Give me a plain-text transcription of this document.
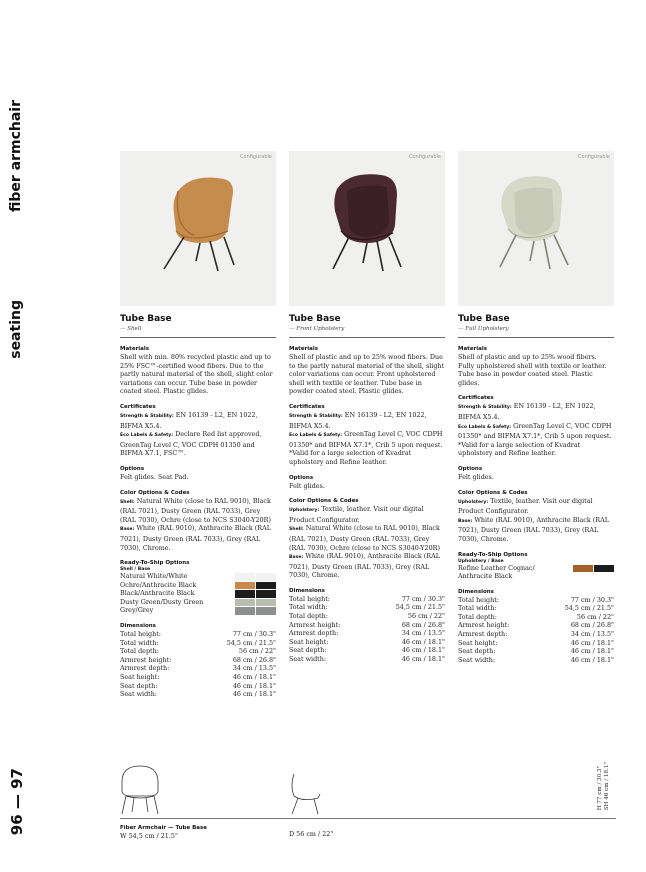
fiber armchair
seating
96 — 97
Configurable
Tube Base
— Shell
Materials
Shell with min. 80% recycled plastic and up to 25% FSC™-certified wood fibers. Due to the partly natural material of the shell, slight color variations can occur. Tube base in powder coated steel. Plastic glides.
Certificates
Strength & Stability: EN 16139 - L2, EN 1022, BIFMA X5.4.
Eco Labels & Safety: Declare Red list approved, GreenTag Level C, VOC CDPH 01350 and BIFMA X7.1, FSC™.
Options
Felt glides. Seat Pad.
Color Options & Codes
Shell: Natural White (close to RAL 9010), Black (RAL 7021), Dusty Green (RAL 7033), Grey (RAL 7030), Ochre (close to NCS S3040-Y20R)
Base: White (RAL 9010), Anthracite Black (RAL 7021), Dusty Green (RAL 7033), Grey (RAL 7030), Chrome.
Ready-To-Ship Options
Shell / Base
Natural White/White
Ochre/Anthracite Black
Black/Anthracite Black
Dusty Green/Dusty Green
Grey/Grey
Dimensions
Total height:	77 cm / 30.3"
Total width:	54,5 cm / 21.5"
Total depth:	56 cm / 22"
Armrest height:	68 cm / 26.8"
Armrest depth:	34 cm / 13.5"
Seat height:	46 cm / 18.1"
Seat depth:	46 cm / 18.1"
Seat width:	46 cm / 18.1"
Configurable
Tube Base
— Front Upholstery
Materials
Shell of plastic and up to 25% wood fibers. Due to the partly natural material of the shell, slight color variations can occur. Front upholstered shell with textile or leather. Tube base in powder coated steel. Plastic glides.
Certificates
Strength & Stability: EN 16139 - L2, EN 1022, BIFMA X5.4.
Eco Labels & Safety: GreenTag Level C, VOC CDPH 01350* and BIFMA X7.1*, Crib 5 upon request. *Valid for a large selection of Kvadrat upholstery and Refine leather.
Options
Felt glides.
Color Options & Codes
Upholstery: Textile, leather. Visit our digital Product Configurator.
Shell: Natural White (close to RAL 9010), Black (RAL 7021), Dusty Green (RAL 7033), Grey (RAL 7030), Ochre (close to NCS S3040-Y20R)
Base: White (RAL 9010), Anthracite Black (RAL 7021), Dusty Green (RAL 7033), Grey (RAL 7030), Chrome.
Dimensions
Total height:	77 cm / 30.3"
Total width:	54,5 cm / 21.5"
Total depth:	56 cm / 22"
Armrest height:	68 cm / 26.8"
Armrest depth:	34 cm / 13.5"
Seat height:	46 cm / 18.1"
Seat depth:	46 cm / 18.1"
Seat width:	46 cm / 18.1"
Configurable
Tube Base
— Full Upholstery
Materials
Shell of plastic and up to 25% wood fibers. Fully upholstered shell with textile or leather. Tube base in powder coated steel. Plastic glides.
Certificates
Strength & Stability: EN 16139 - L2, EN 1022, BIFMA X5.4.
Eco Labels & Safety: GreenTag Level C, VOC CDPH 01350* and BIFMA X7.1*, Crib 5 upon request. *Valid for a large selection of Kvadrat upholstery and Refine leather.
Options
Felt glides.
Color Options & Codes
Upholstery: Textile, leather. Visit our digital Product Configurator.
Base: White (RAL 9010), Anthracite Black (RAL 7021), Dusty Green (RAL 7033), Grey (RAL 7030), Chrome.
Ready-To-Ship Options
Upholstery / Base
Refine Leather Cognac/ Anthracite Black
Dimensions
Total height:	77 cm / 30.3"
Total width:	54,5 cm / 21.5"
Total depth:	56 cm / 22"
Armrest height:	68 cm / 26.8"
Armrest depth:	34 cm / 13.5"
Seat height:	46 cm / 18.1"
Seat depth:	46 cm / 18.1"
Seat width:	46 cm / 18.1"
Fiber Armchair — Tube Base
W 54,5 cm / 21.5"	D 56 cm / 22"
H 77 cm / 30.3" SH 46 cm / 18.1"
